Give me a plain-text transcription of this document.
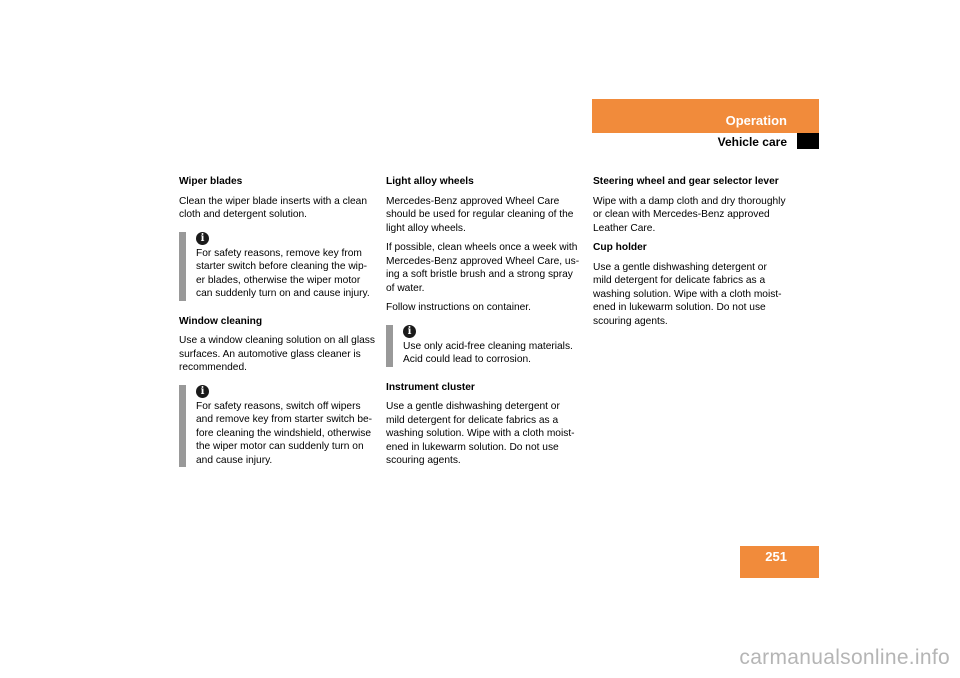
Operation
Vehicle care
Wiper blades
Clean the wiper blade inserts with a clean
cloth and detergent solution.
i
For safety reasons, remove key from
starter switch before cleaning the wip-
er blades, otherwise the wiper motor
can suddenly turn on and cause injury.
Window cleaning
Use a window cleaning solution on all glass
surfaces. An automotive glass cleaner is
recommended.
i
For safety reasons, switch off wipers
and remove key from starter switch be-
fore cleaning the windshield, otherwise
the wiper motor can suddenly turn on
and cause injury.
Light alloy wheels
Mercedes-Benz approved Wheel Care
should be used for regular cleaning of the
light alloy wheels.
If possible, clean wheels once a week with
Mercedes-Benz approved Wheel Care, us-
ing a soft bristle brush and a strong spray
of water.
Follow instructions on container.
i
Use only acid-free cleaning materials.
Acid could lead to corrosion.
Instrument cluster
Use a gentle dishwashing detergent or
mild detergent for delicate fabrics as a
washing solution. Wipe with a cloth moist-
ened in lukewarm solution. Do not use
scouring agents.
Steering wheel and gear selector lever
Wipe with a damp cloth and dry thoroughly
or clean with Mercedes-Benz approved
Leather Care.
Cup holder
Use a gentle dishwashing detergent or
mild detergent for delicate fabrics as a
washing solution. Wipe with a cloth moist-
ened in lukewarm solution. Do not use
scouring agents.
251
carmanualsonline.info
